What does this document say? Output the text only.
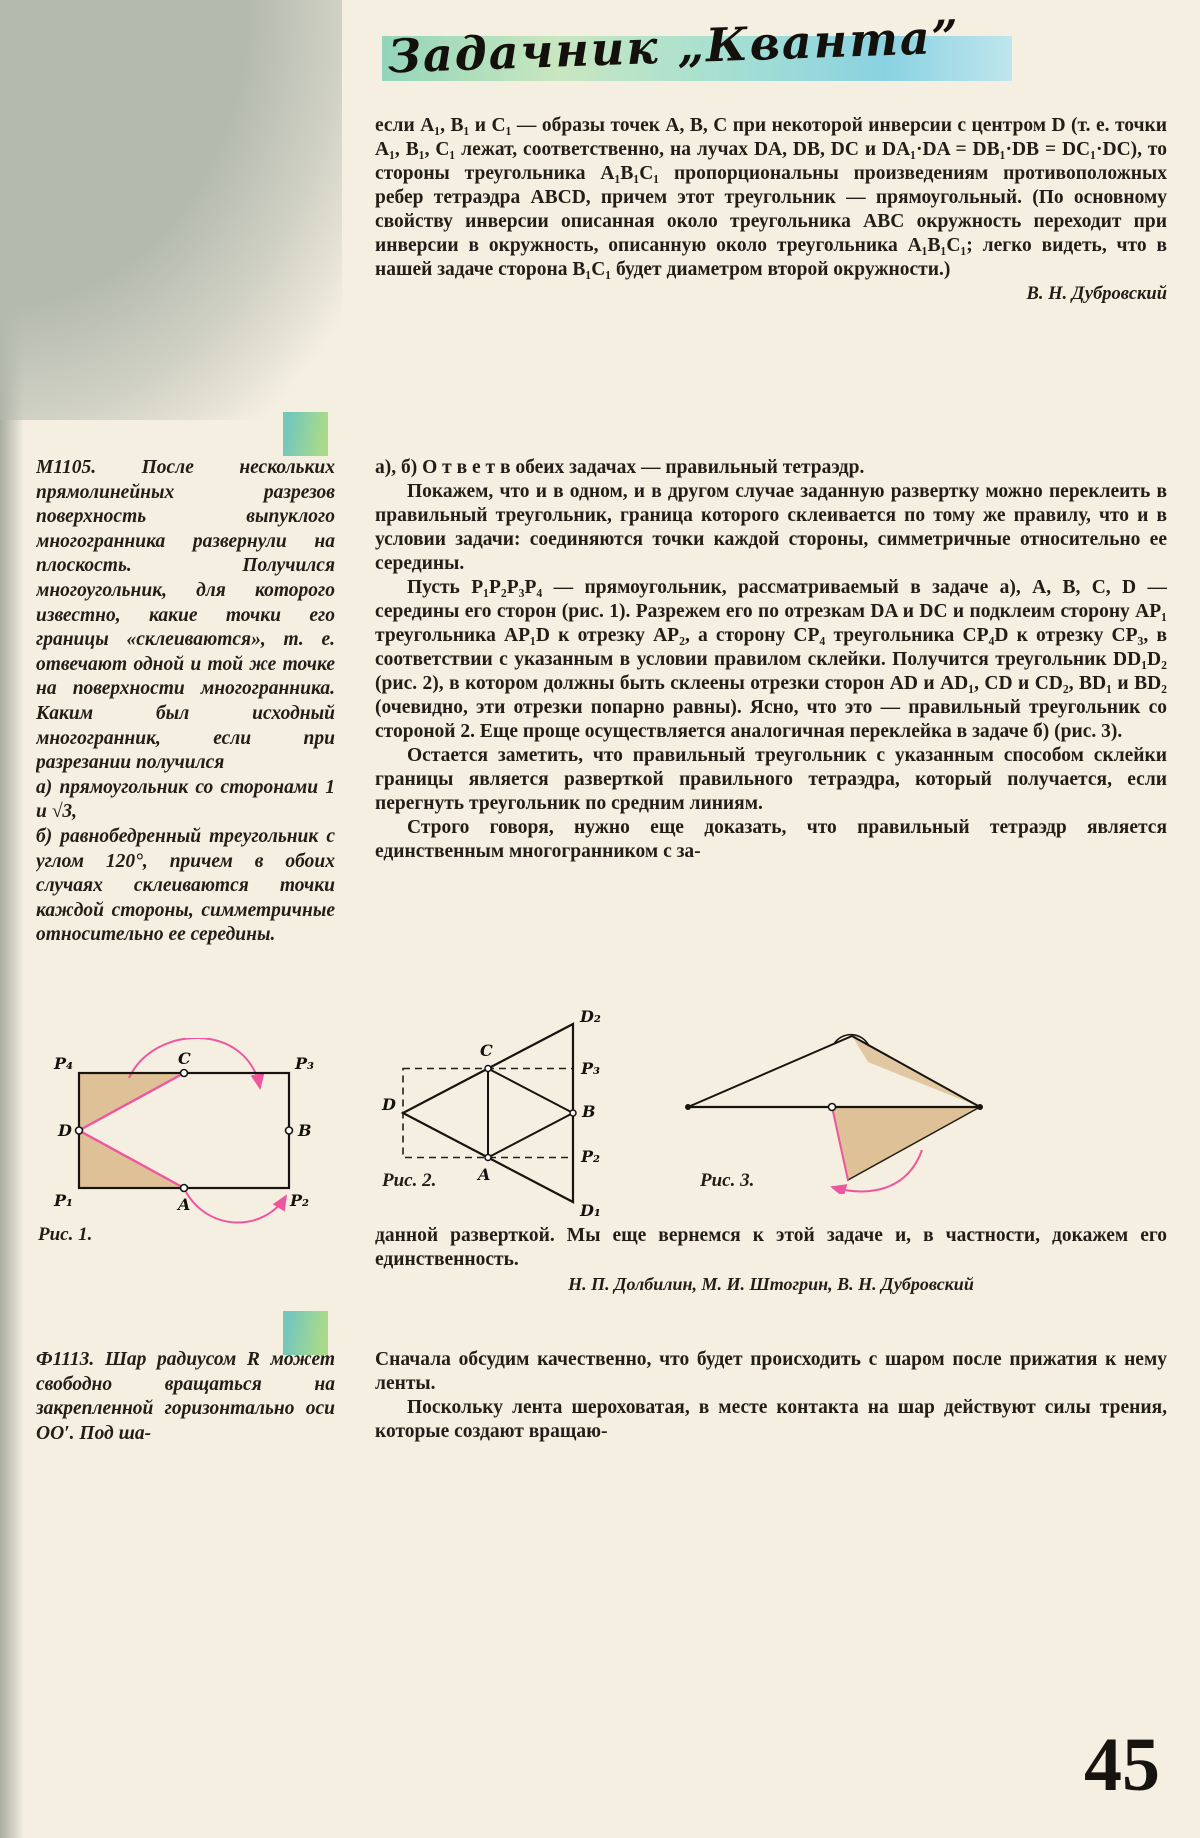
Задачник „Кванта”

если A₁, B₁ и C₁ — образы точек A, B, C при некоторой инверсии с центром D (т. е. точки A₁, B₁, C₁ лежат, соответственно, на лучах DA, DB, DC и DA₁·DA = DB₁·DB = DC₁·DC), то стороны треугольника A₁B₁C₁ пропорциональны произведениям противоположных ребер тетраэдра ABCD, причем этот треугольник — прямоугольный. (По основному свойству инверсии описанная около треугольника ABC окружность переходит при инверсии в окружность, описанную около треугольника A₁B₁C₁; легко видеть, что в нашей задаче сторона B₁C₁ будет диаметром второй окружности.)

В. Н. Дубровский

М1105. После нескольких прямолинейных разрезов поверхность выпуклого многогранника развернули на плоскость. Получился многоугольник, для которого известно, какие точки его границы «склеиваются», т. е. отвечают одной и той же точке на поверхности многогранника. Каким был исходный многогранник, если при разрезании получился

а) прямоугольник со сторонами 1 и √3,

б) равнобедренный треугольник с углом 120°, причем в обоих случаях склеиваются точки каждой стороны, симметричные относительно ее середины.

а), б) О т в е т в обеих задачах — правильный тетраэдр.

Покажем, что и в одном, и в другом случае заданную развертку можно переклеить в правильный треугольник, граница которого склеивается по тому же правилу, что и в условии задачи: соединяются точки каждой стороны, симметричные относительно ее середины.

Пусть P₁P₂P₃P₄ — прямоугольник, рассматриваемый в задаче а), A, B, C, D — середины его сторон (рис. 1). Разрежем его по отрезкам DA и DC и подклеим сторону AP₁ треугольника AP₁D к отрезку AP₂, а сторону CP₄ треугольника CP₄D к отрезку CP₃, в соответствии с указанным в условии правилом склейки. Получится треугольник DD₁D₂ (рис. 2), в котором должны быть склеены отрезки сторон AD и AD₁, CD и CD₂, BD₁ и BD₂ (очевидно, эти отрезки попарно равны). Ясно, что это — правильный треугольник со стороной 2. Еще проще осуществляется аналогичная переклейка в задаче б) (рис. 3).

Остается заметить, что правильный треугольник с указанным способом склейки границы является разверткой правильного тетраэдра, который получается, если перегнуть треугольник по средним линиям.

Строго говоря, нужно еще доказать, что правильный тетраэдр является единственным многогранником с за-

P₄	C	P₃
D	B
P₁	A	P₂
Рис. 1.
C
D₂
P₃
B
P₂
D₁
D
A
Рис. 2.	Рис. 3.

данной разверткой. Мы еще вернемся к этой задаче и, в частности, докажем его единственность.

Н. П. Долбилин, М. И. Штогрин, В. Н. Дубровский

Ф1113. Шар радиусом R может свободно вращаться на закрепленной горизонтально оси OO′. Под ша-

Сначала обсудим качественно, что будет происходить с шаром после прижатия к нему ленты.

Поскольку лента шероховатая, в месте контакта на шар действуют силы трения, которые создают вращаю-

45
